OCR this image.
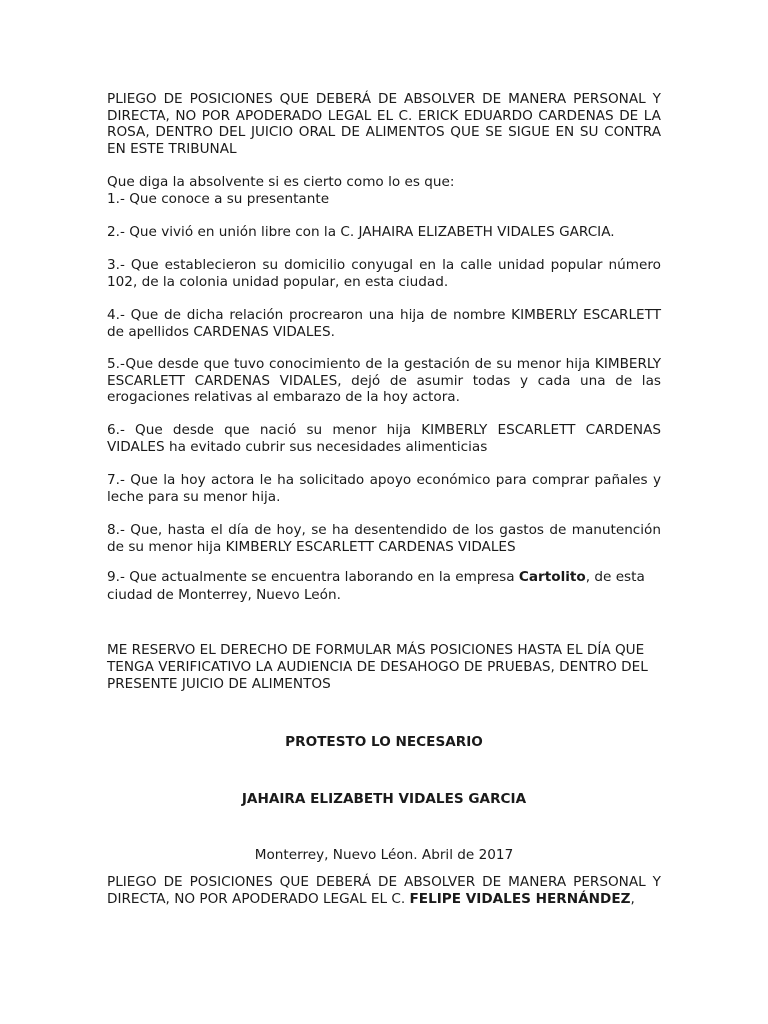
PLIEGO DE POSICIONES QUE DEBERÁ DE ABSOLVER DE MANERA PERSONAL Y DIRECTA, NO POR APODERADO LEGAL EL C. ERICK EDUARDO CARDENAS DE LA ROSA, DENTRO DEL JUICIO ORAL DE ALIMENTOS QUE SE SIGUE EN SU CONTRA EN ESTE TRIBUNAL

Que diga la absolvente si es cierto como lo es que:

1.- Que conoce a su presentante

2.- Que vivió en unión libre con la C. JAHAIRA ELIZABETH VIDALES GARCIA.

3.- Que establecieron su domicilio conyugal en la calle unidad popular número 102, de la colonia unidad popular, en esta ciudad.

4.- Que de dicha relación procrearon una hija de nombre KIMBERLY ESCARLETT de apellidos CARDENAS VIDALES.

5.-Que desde que tuvo conocimiento de la gestación de su menor hija KIMBERLY ESCARLETT CARDENAS VIDALES, dejó de asumir todas y cada una de las erogaciones relativas al embarazo de la hoy actora.

6.- Que desde que nació su menor hija KIMBERLY ESCARLETT CARDENAS VIDALES ha evitado cubrir sus necesidades alimenticias

7.- Que la hoy actora le ha solicitado apoyo económico para comprar pañales y leche para su menor hija.

8.- Que, hasta el día de hoy, se ha desentendido de los gastos de manutención de su menor hija KIMBERLY ESCARLETT CARDENAS VIDALES

9.- Que actualmente se encuentra laborando en la empresa Cartolito, de esta ciudad de Monterrey, Nuevo León.

ME RESERVO EL DERECHO DE FORMULAR MÁS POSICIONES HASTA EL DÍA QUE TENGA VERIFICATIVO LA AUDIENCIA DE DESAHOGO DE PRUEBAS, DENTRO DEL PRESENTE JUICIO DE ALIMENTOS

PROTESTO LO NECESARIO

JAHAIRA ELIZABETH VIDALES GARCIA

Monterrey, Nuevo Léon. Abril de 2017

PLIEGO DE POSICIONES QUE DEBERÁ DE ABSOLVER DE MANERA PERSONAL Y DIRECTA, NO POR APODERADO LEGAL EL C. FELIPE VIDALES HERNÁNDEZ,
